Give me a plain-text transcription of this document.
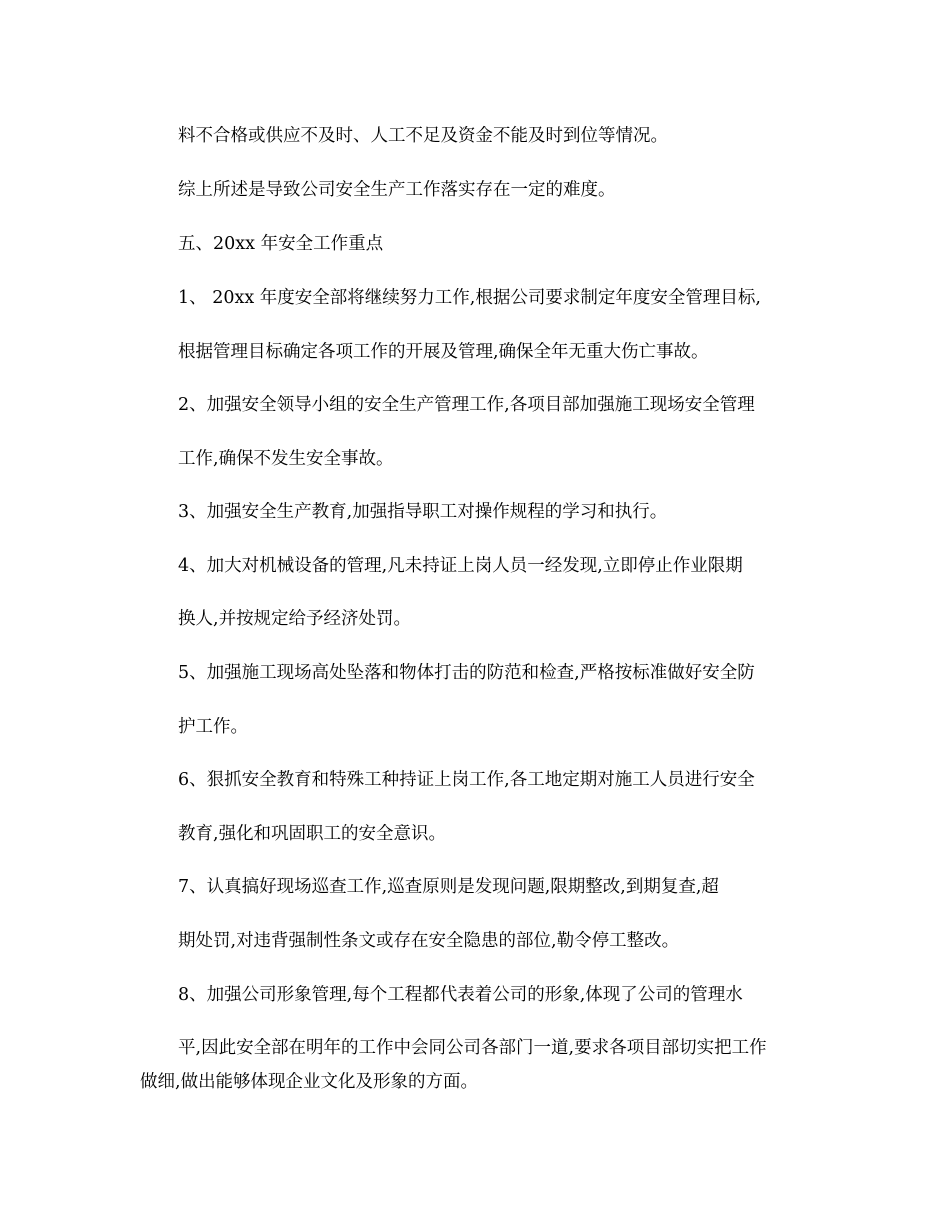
料不合格或供应不及时、人工不足及资金不能及时到位等情况。
综上所述是导致公司安全生产工作落实存在一定的难度。
五、20xx 年安全工作重点
1、 20xx 年度安全部将继续努力工作,根据公司要求制定年度安全管理目标,
根据管理目标确定各项工作的开展及管理,确保全年无重大伤亡事故。
2、加强安全领导小组的安全生产管理工作,各项目部加强施工现场安全管理
工作,确保不发生安全事故。
3、加强安全生产教育,加强指导职工对操作规程的学习和执行。
4、加大对机械设备的管理,凡未持证上岗人员一经发现,立即停止作业限期
换人,并按规定给予经济处罚。
5、加强施工现场高处坠落和物体打击的防范和检查,严格按标准做好安全防
护工作。
6、狠抓安全教育和特殊工种持证上岗工作,各工地定期对施工人员进行安全
教育,强化和巩固职工的安全意识。
7、认真搞好现场巡查工作,巡查原则是发现问题,限期整改,到期复查,超
期处罚,对违背强制性条文或存在安全隐患的部位,勒令停工整改。
8、加强公司形象管理,每个工程都代表着公司的形象,体现了公司的管理水
平,因此安全部在明年的工作中会同公司各部门一道,要求各项目部切实把工作
做细,做出能够体现企业文化及形象的方面。
